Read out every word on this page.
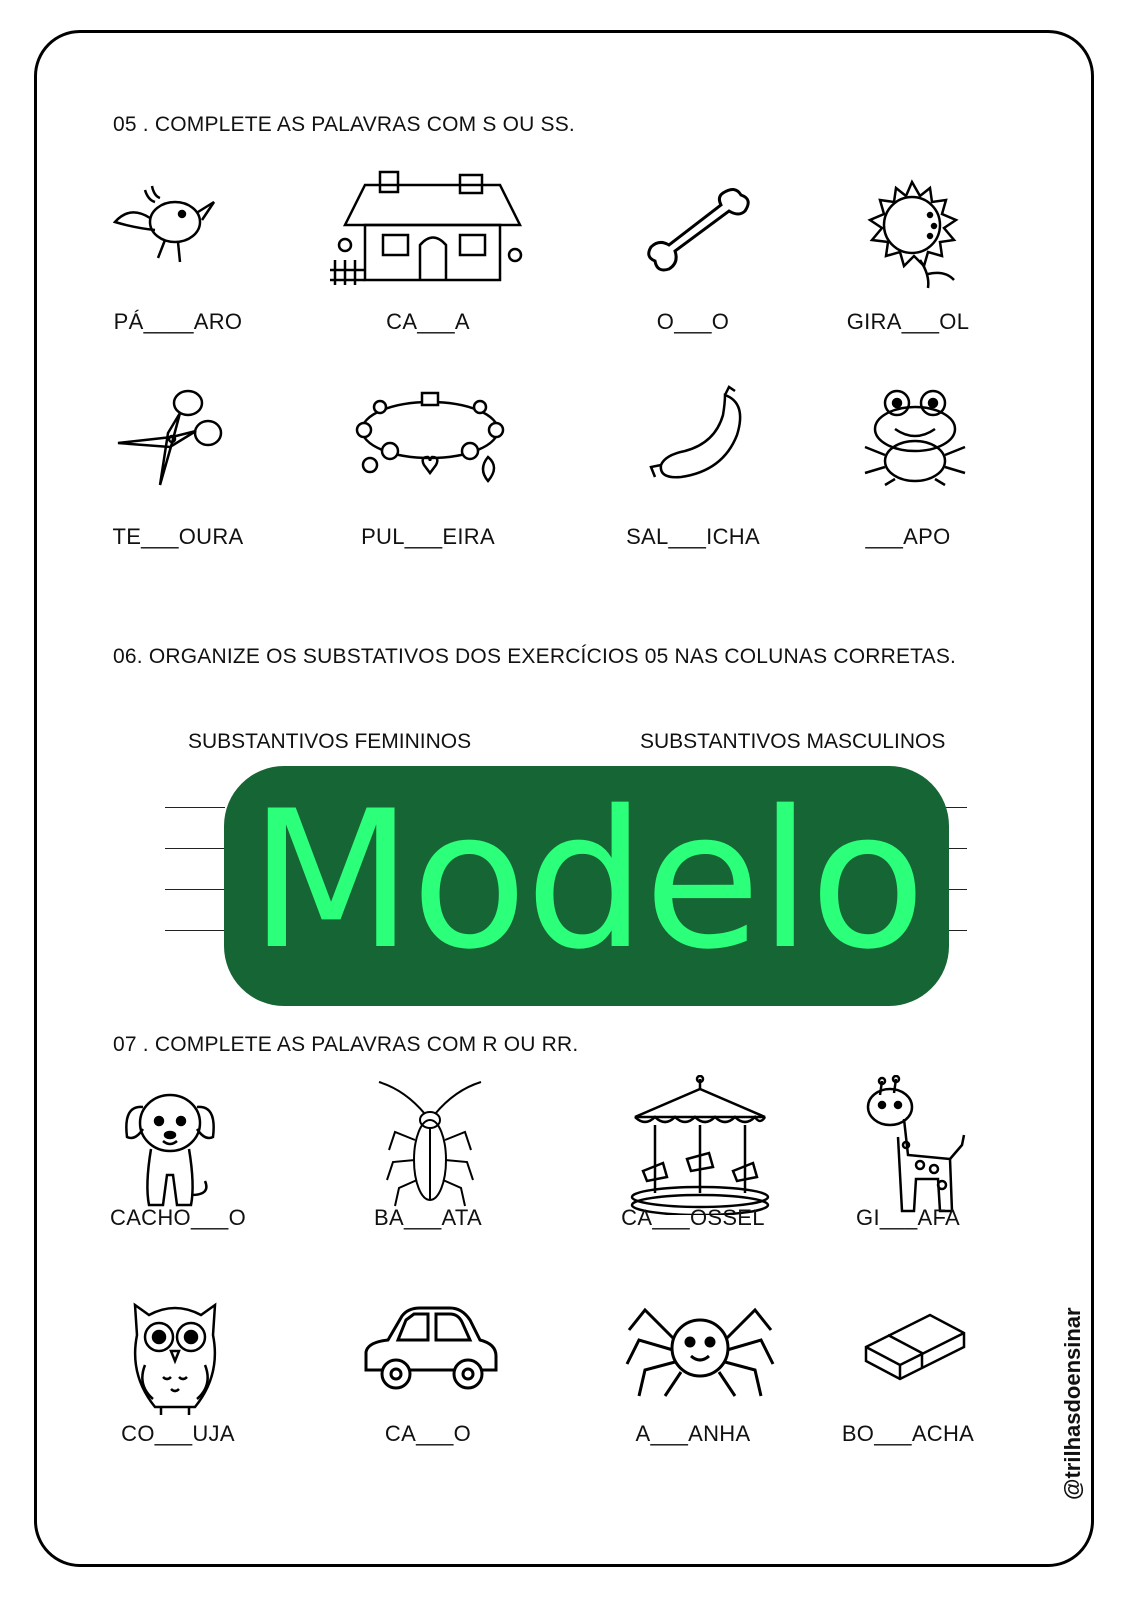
05 . COMPLETE AS PALAVRAS COM S OU SS.
PÁ____ARO	CA___A	O___O	GIRA___OL
TE___OURA	PUL___EIRA	SAL___ICHA	___APO
06. ORGANIZE OS SUBSTATIVOS DOS EXERCÍCIOS 05 NAS COLUNAS CORRETAS.
SUBSTANTIVOS FEMININOS	SUBSTANTIVOS MASCULINOS
Modelo
07 . COMPLETE AS PALAVRAS COM R OU RR.
CACHO___O	BA___ATA	CA___OSSEL	GI___AFA
CO___UJA	CA___O	A___ANHA	BO___ACHA	@trilhasdoensinar
